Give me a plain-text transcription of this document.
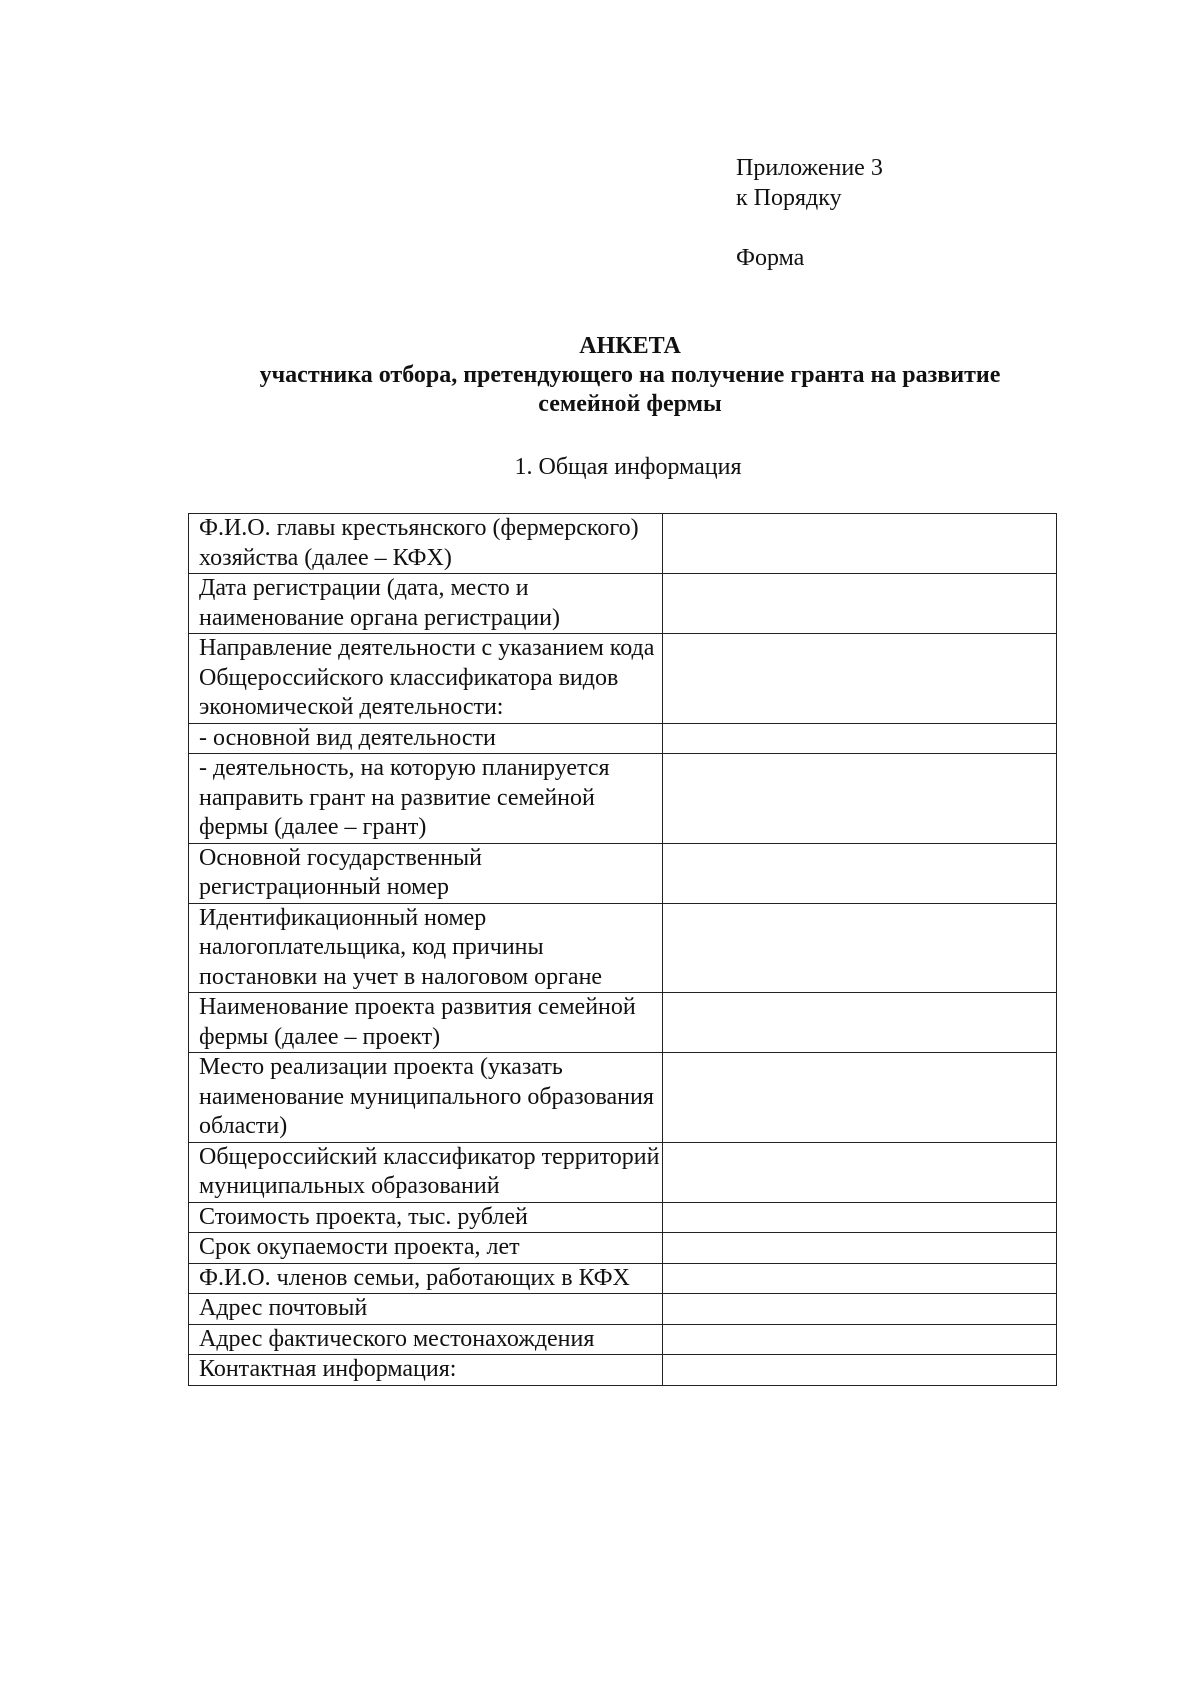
Приложение 3
к Порядку
Форма
АНКЕТА
участника отбора, претендующего на получение гранта на развитие
семейной фермы
1. Общая информация
Ф.И.О. главы крестьянского (фермерского) хозяйства (далее – КФХ)	
Дата регистрации (дата, место и наименование органа регистрации)	
Направление деятельности с указанием кода Общероссийского классификатора видов экономической деятельности:	
- основной вид деятельности	
- деятельность, на которую планируется направить грант на развитие семейной фермы (далее – грант)	
Основной государственный регистрационный номер	
Идентификационный номер налогоплательщика, код причины постановки на учет в налоговом органе	
Наименование проекта развития семейной фермы (далее – проект)	
Место реализации проекта (указать наименование муниципального образования области)	
Общероссийский классификатор территорий муниципальных образований	
Стоимость проекта, тыс. рублей	
Срок окупаемости проекта, лет	
Ф.И.О. членов семьи, работающих в КФХ	
Адрес почтовый	
Адрес фактического местонахождения	
Контактная информация:	
